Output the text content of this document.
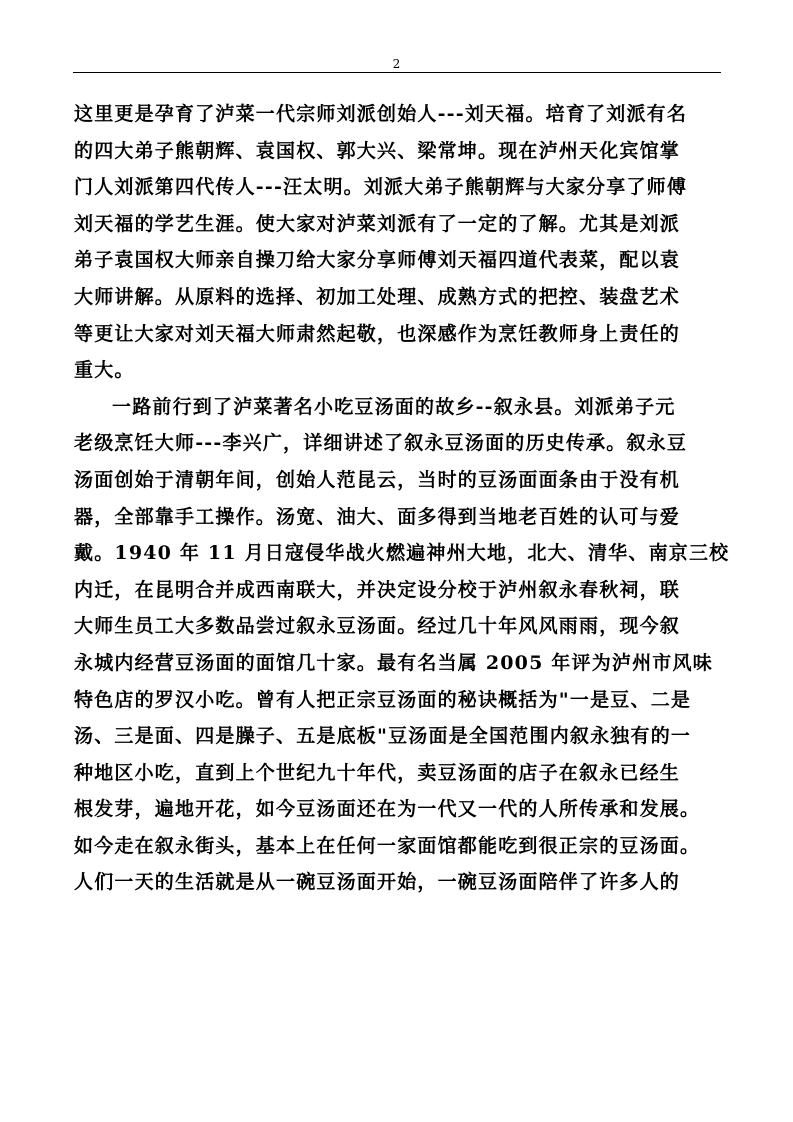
2
这里更是孕育了泸菜一代宗师刘派创始人---刘天福。培育了刘派有名
的四大弟子熊朝辉、袁国权、郭大兴、梁常坤。现在泸州天化宾馆掌
门人刘派第四代传人---汪太明。刘派大弟子熊朝辉与大家分享了师傅
刘天福的学艺生涯。使大家对泸菜刘派有了一定的了解。尤其是刘派
弟子袁国权大师亲自操刀给大家分享师傅刘天福四道代表菜，配以袁
大师讲解。从原料的选择、初加工处理、成熟方式的把控、装盘艺术
等更让大家对刘天福大师肃然起敬，也深感作为烹饪教师身上责任的
重大。
一路前行到了泸菜著名小吃豆汤面的故乡--叙永县。刘派弟子元
老级烹饪大师---李兴广，详细讲述了叙永豆汤面的历史传承。叙永豆
汤面创始于清朝年间，创始人范昆云，当时的豆汤面面条由于没有机
器，全部靠手工操作。汤宽、油大、面多得到当地老百姓的认可与爱
戴。1940 年 11 月日寇侵华战火燃遍神州大地，北大、清华、南京三校
内迁，在昆明合并成西南联大，并决定设分校于泸州叙永春秋祠，联
大师生员工大多数品尝过叙永豆汤面。经过几十年风风雨雨，现今叙
永城内经营豆汤面的面馆几十家。最有名当属 2005 年评为泸州市风味
特色店的罗汉小吃。曾有人把正宗豆汤面的秘诀概括为"一是豆、二是
汤、三是面、四是臊子、五是底板"豆汤面是全国范围内叙永独有的一
种地区小吃，直到上个世纪九十年代，卖豆汤面的店子在叙永已经生
根发芽，遍地开花，如今豆汤面还在为一代又一代的人所传承和发展。
如今走在叙永街头，基本上在任何一家面馆都能吃到很正宗的豆汤面。
人们一天的生活就是从一碗豆汤面开始，一碗豆汤面陪伴了许多人的
